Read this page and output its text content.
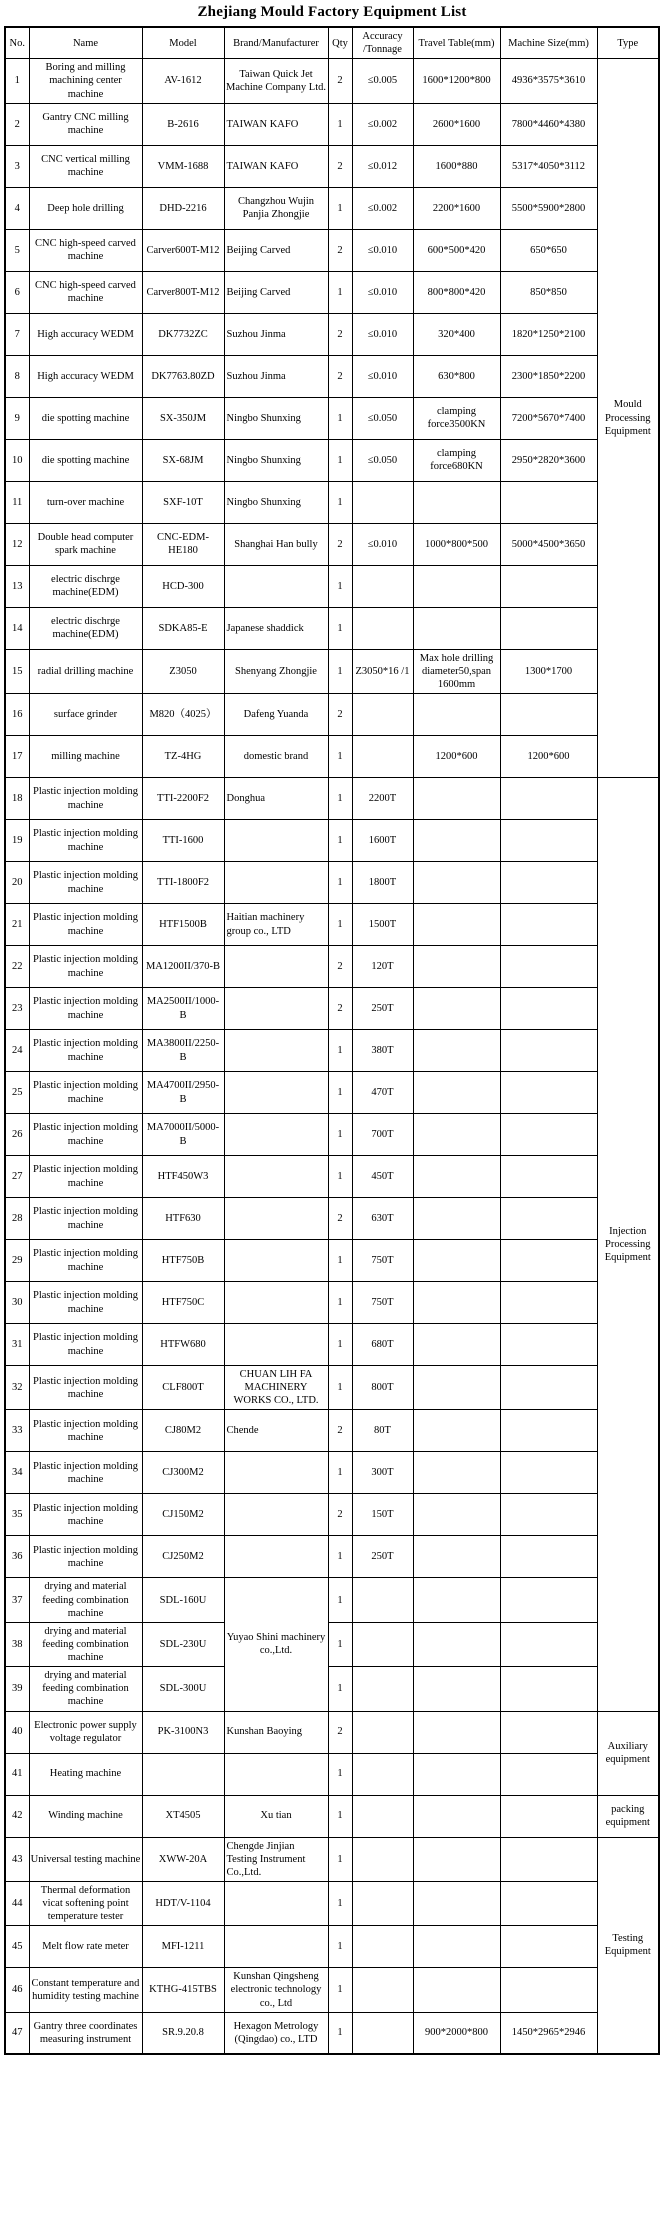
Zhejiang Mould Factory Equipment List
No.	Name	Model	Brand/Manufacturer	Qty	Accuracy /Tonnage	Travel Table(mm)	Machine Size(mm)	Type
1	Boring and milling machining center machine	AV-1612	Taiwan Quick Jet Machine Company Ltd.	2	≤0.005	1600*1200*800	4936*3575*3610	Mould Processing Equipment
2	Gantry CNC milling machine	B-2616	TAIWAN KAFO	1	≤0.002	2600*1600	7800*4460*4380	
3	CNC vertical milling machine	VMM-1688	TAIWAN KAFO	2	≤0.012	1600*880	5317*4050*3112	
4	Deep hole drilling	DHD-2216	Changzhou Wujin Panjia Zhongjie	1	≤0.002	2200*1600	5500*5900*2800	
5	CNC high-speed carved machine	Carver600T-M12	Beijing Carved	2	≤0.010	600*500*420	650*650	
6	CNC high-speed carved machine	Carver800T-M12	Beijing Carved	1	≤0.010	800*800*420	850*850	
7	High accuracy WEDM	DK7732ZC	Suzhou Jinma	2	≤0.010	320*400	1820*1250*2100	
8	High accuracy WEDM	DK7763.80ZD	Suzhou Jinma	2	≤0.010	630*800	2300*1850*2200	
9	die spotting machine	SX-350JM	Ningbo Shunxing	1	≤0.050	clamping force3500KN	7200*5670*7400	
10	die spotting machine	SX-68JM	Ningbo Shunxing	1	≤0.050	clamping force680KN	2950*2820*3600	
11	turn-over machine	SXF-10T	Ningbo Shunxing	1				
12	Double head computer spark machine	CNC-EDM-HE180	Shanghai Han bully	2	≤0.010	1000*800*500	5000*4500*3650	
13	electric dischrge machine(EDM)	HCD-300		1				
14	electric dischrge machine(EDM)	SDKA85-E	Japanese shaddick	1				
15	radial drilling machine	Z3050	Shenyang Zhongjie	1	Z3050*16 /1	Max hole drilling diameter50,span 1600mm	1300*1700	
16	surface grinder	M820（4025）	Dafeng Yuanda	2				
17	milling machine	TZ-4HG	domestic brand	1		1200*600	1200*600	
18	Plastic injection molding machine	TTI-2200F2	Donghua	1	2200T			Injection Processing Equipment
19	Plastic injection molding machine	TTI-1600		1	1600T			
20	Plastic injection molding machine	TTI-1800F2		1	1800T			
21	Plastic injection molding machine	HTF1500B	Haitian machinery group co., LTD	1	1500T			
22	Plastic injection molding machine	MA1200II/370-B		2	120T			
23	Plastic injection molding machine	MA2500II/1000-B		2	250T			
24	Plastic injection molding machine	MA3800II/2250-B		1	380T			
25	Plastic injection molding machine	MA4700II/2950-B		1	470T			
26	Plastic injection molding machine	MA7000II/5000-B		1	700T			
27	Plastic injection molding machine	HTF450W3		1	450T			
28	Plastic injection molding machine	HTF630		2	630T			
29	Plastic injection molding machine	HTF750B		1	750T			
30	Plastic injection molding machine	HTF750C		1	750T			
31	Plastic injection molding machine	HTFW680		1	680T			
32	Plastic injection molding machine	CLF800T	CHUAN LIH FA MACHINERY WORKS CO., LTD.	1	800T			
33	Plastic injection molding machine	CJ80M2	Chende	2	80T			
34	Plastic injection molding machine	CJ300M2		1	300T			
35	Plastic injection molding machine	CJ150M2		2	150T			
36	Plastic injection molding machine	CJ250M2		1	250T			
37	drying and material feeding combination machine	SDL-160U	Yuyao Shini machinery co.,Ltd.	1				
38	drying and material feeding combination machine	SDL-230U		1				
39	drying and material feeding combination machine	SDL-300U		1				
40	Electronic power supply voltage regulator	PK-3100N3	Kunshan Baoying	2				Auxiliary equipment
41	Heating machine			1				
42	Winding machine	XT4505	Xu tian	1				packing equipment
43	Universal testing machine	XWW-20A	Chengde Jinjian Testing Instrument Co.,Ltd.	1				Testing Equipment
44	Thermal deformation vicat softening point temperature tester	HDT/V-1104		1				
45	Melt flow rate meter	MFI-1211		1				
46	Constant temperature and humidity testing machine	KTHG-415TBS	Kunshan Qingsheng electronic technology co., Ltd	1				
47	Gantry three coordinates measuring instrument	SR.9.20.8	Hexagon Metrology (Qingdao) co., LTD	1		900*2000*800	1450*2965*2946	
